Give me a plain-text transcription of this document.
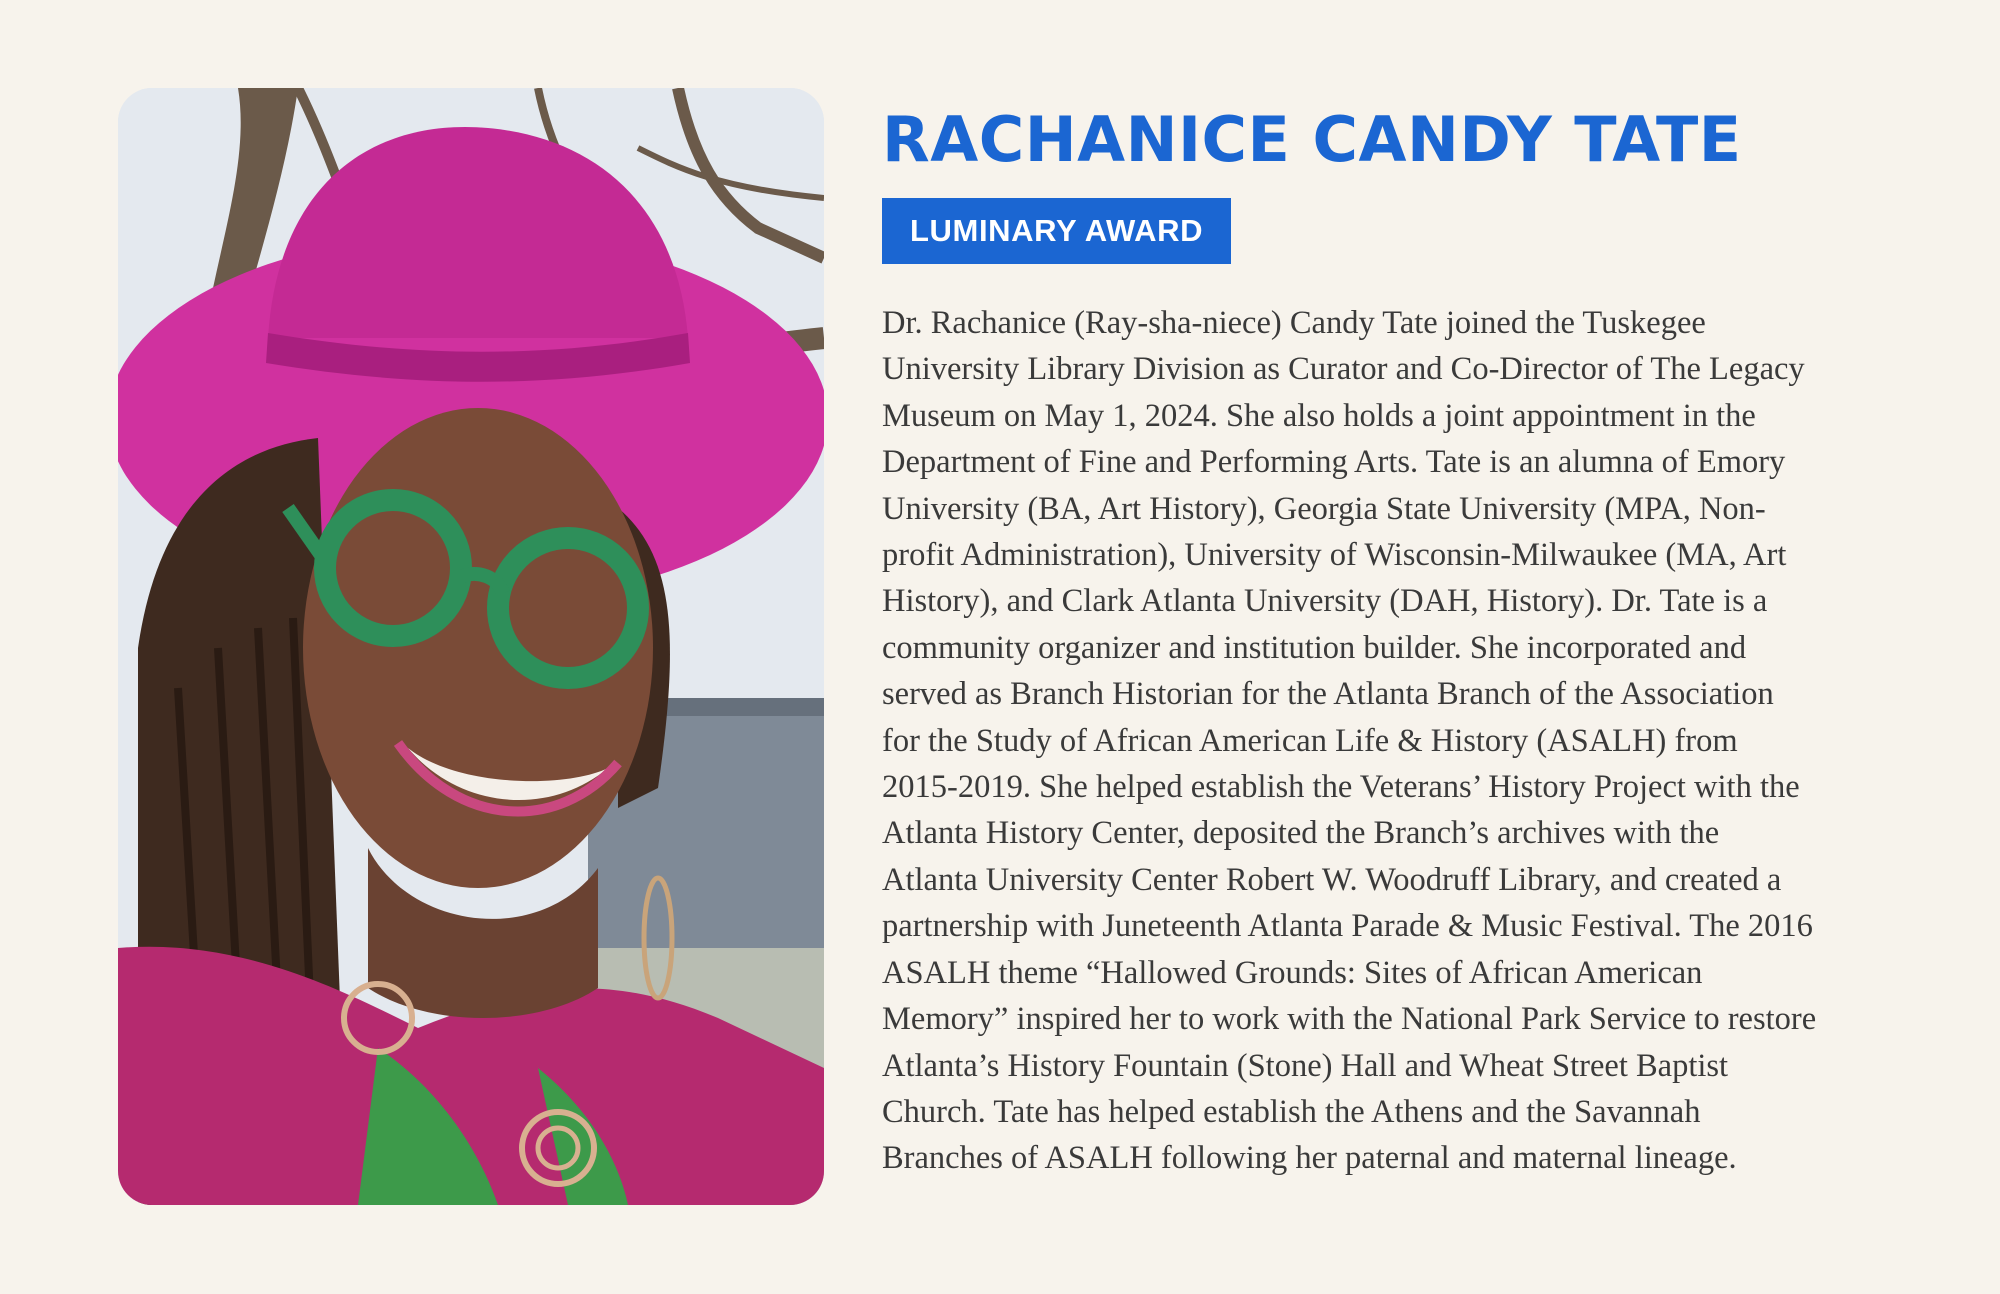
RACHANICE CANDY TATE
LUMINARY AWARD

Dr. Rachanice (Ray-sha-niece) Candy Tate joined the Tuskegee
University Library Division as Curator and Co-Director of The Legacy
Museum on May 1, 2024. She also holds a joint appointment in the
Department of Fine and Performing Arts. Tate is an alumna of Emory
University (BA, Art History), Georgia State University (MPA, Non-
profit Administration), University of Wisconsin-Milwaukee (MA, Art
History), and Clark Atlanta University (DAH, History). Dr. Tate is a
community organizer and institution builder. She incorporated and
served as Branch Historian for the Atlanta Branch of the Association
for the Study of African American Life & History (ASALH) from
2015-2019. She helped establish the Veterans’ History Project with the
Atlanta History Center, deposited the Branch’s archives with the
Atlanta University Center Robert W. Woodruff Library, and created a
partnership with Juneteenth Atlanta Parade & Music Festival. The 2016
ASALH theme “Hallowed Grounds: Sites of African American
Memory” inspired her to work with the National Park Service to restore
Atlanta’s History Fountain (Stone) Hall and Wheat Street Baptist
Church. Tate has helped establish the Athens and the Savannah
Branches of ASALH following her paternal and maternal lineage.
